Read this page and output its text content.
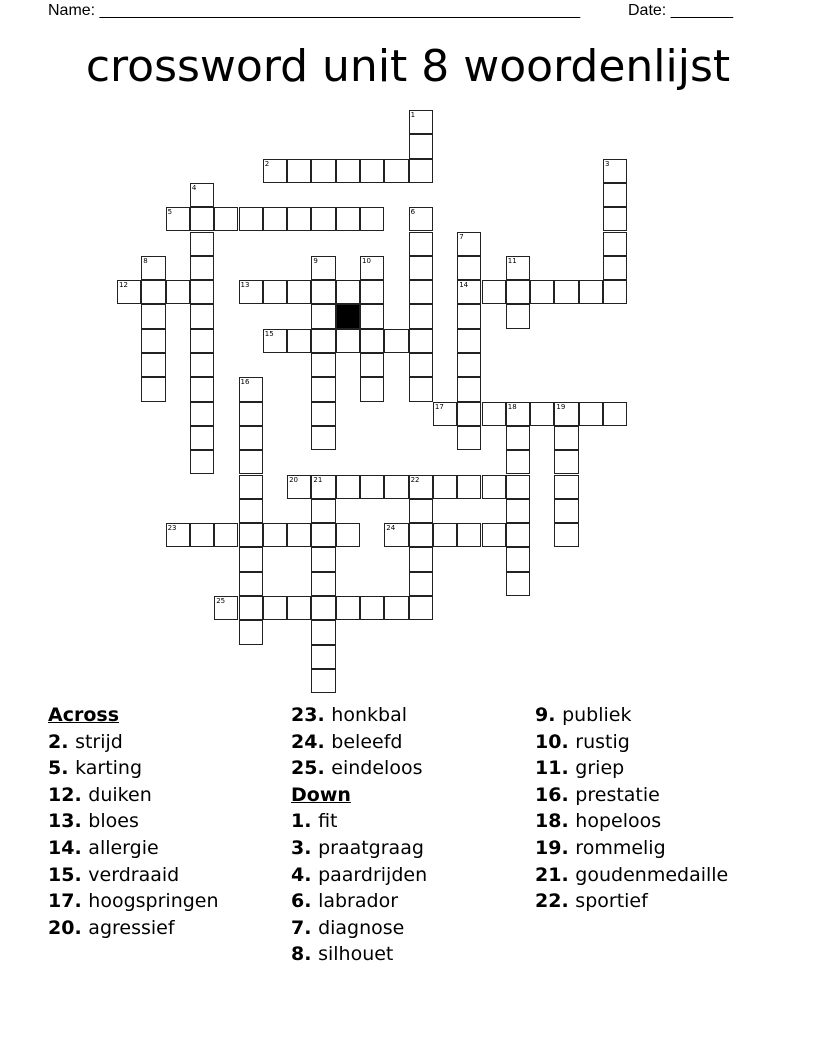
Name: ______________________________________________________	Date: _______
crossword unit 8 woordenlijst
1
2	3
4
5	6
7
14
8	9	10	11
12	13
15
16
17	18	19
20 21	22
23	24
25
Across
2. strijd
5. karting
12. duiken
13. bloes
14. allergie
15. verdraaid
17. hoogspringen
20. agressief
23. honkbal
24. beleefd
25. eindeloos
Down
1. fit
3. praatgraag
4. paardrijden
6. labrador
7. diagnose
8. silhouet
9. publiek
10. rustig
11. griep
16. prestatie
18. hopeloos
19. rommelig
21. goudenmedaille
22. sportief
